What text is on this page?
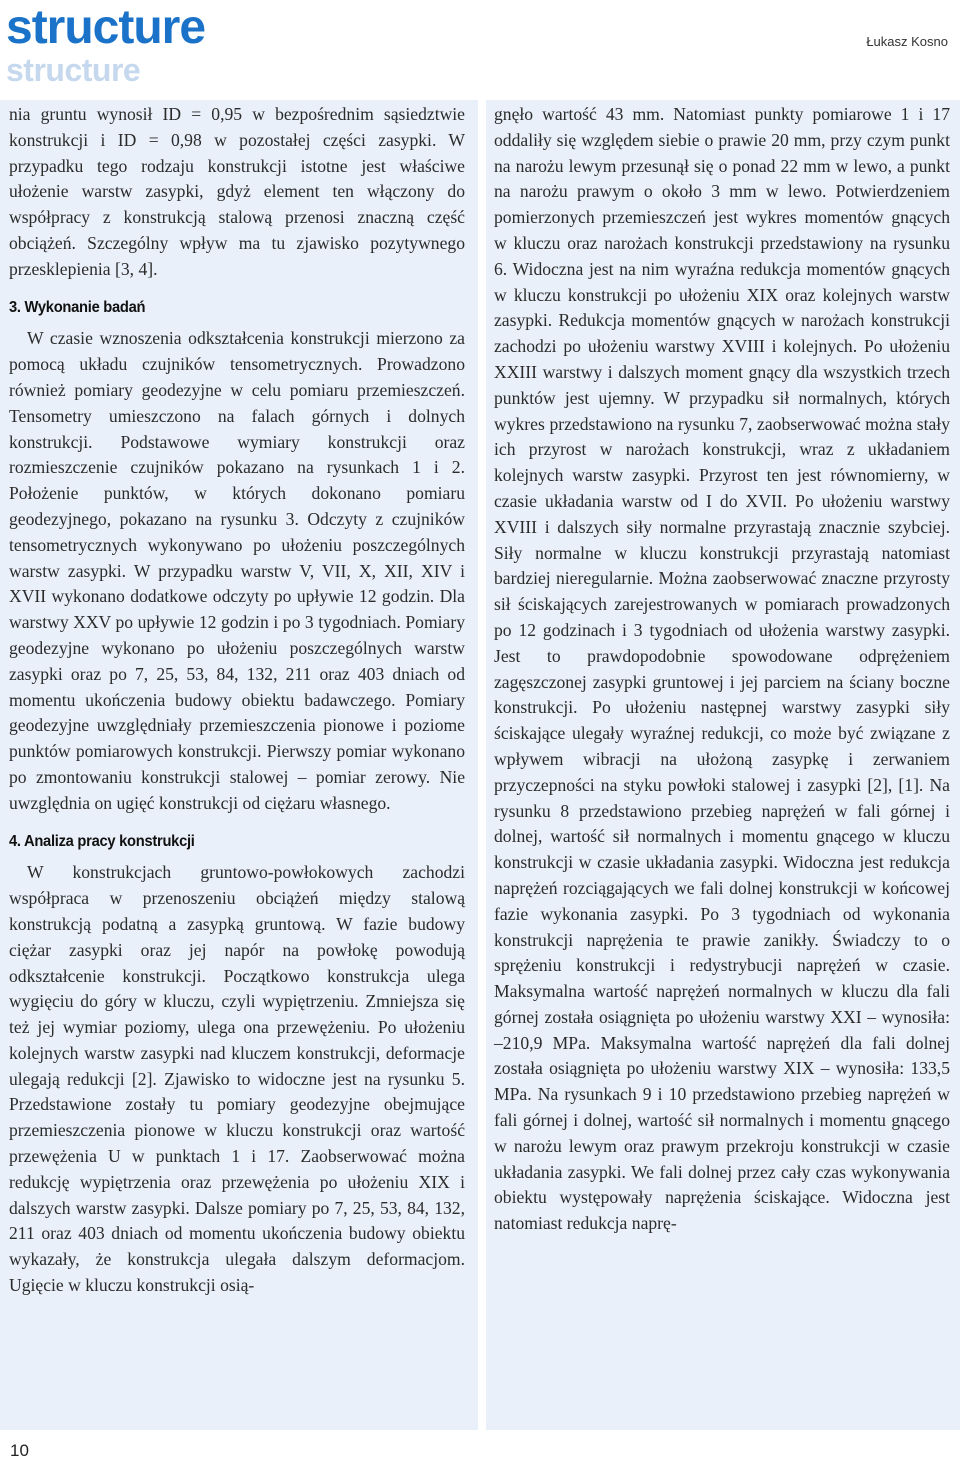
structure
structure
Łukasz Kosno

nia gruntu wynosił ID = 0,95 w bezpośrednim sąsiedztwie konstrukcji i ID = 0,98 w pozostałej części zasypki. W przypadku tego rodzaju konstrukcji istotne jest właściwe ułożenie warstw zasypki, gdyż element ten włączony do współpracy z konstrukcją stalową przenosi znaczną część obciążeń. Szczególny wpływ ma tu zjawisko pozytywnego przesklepienia [3, 4].

3. Wykonanie badań

W czasie wznoszenia odkształcenia konstrukcji mierzono za pomocą układu czujników tensometrycznych. Prowadzono również pomiary geodezyjne w celu pomiaru przemieszczeń. Tensometry umieszczono na falach górnych i dolnych konstrukcji. Podstawowe wymiary konstrukcji oraz rozmieszczenie czujników pokazano na rysunkach 1 i 2. Położenie punktów, w których dokonano pomiaru geodezyjnego, pokazano na rysunku 3. Odczyty z czujników tensometrycznych wykonywano po ułożeniu poszczególnych warstw zasypki. W przypadku warstw V, VII, X, XII, XIV i XVII wykonano dodatkowe odczyty po upływie 12 godzin. Dla warstwy XXV po upływie 12 godzin i po 3 tygodniach. Pomiary geodezyjne wykonano po ułożeniu poszczególnych warstw zasypki oraz po 7, 25, 53, 84, 132, 211 oraz 403 dniach od momentu ukończenia budowy obiektu badawczego. Pomiary geodezyjne uwzględniały przemieszczenia pionowe i poziome punktów pomiarowych konstrukcji. Pierwszy pomiar wykonano po zmontowaniu konstrukcji stalowej – pomiar zerowy. Nie uwzględnia on ugięć konstrukcji od ciężaru własnego.

4. Analiza pracy konstrukcji

W konstrukcjach gruntowo-powłokowych zachodzi współpraca w przenoszeniu obciążeń między stalową konstrukcją podatną a zasypką gruntową. W fazie budowy ciężar zasypki oraz jej napór na powłokę powodują odkształcenie konstrukcji. Początkowo konstrukcja ulega wygięciu do góry w kluczu, czyli wypiętrzeniu. Zmniejsza się też jej wymiar poziomy, ulega ona przewężeniu. Po ułożeniu kolejnych warstw zasypki nad kluczem konstrukcji, deformacje ulegają redukcji [2]. Zjawisko to widoczne jest na rysunku 5. Przedstawione zostały tu pomiary geodezyjne obejmujące przemieszczenia pionowe w kluczu konstrukcji oraz wartość przewężenia U w punktach 1 i 17. Zaobserwować można redukcję wypiętrzenia oraz przewężenia po ułożeniu XIX i dalszych warstw zasypki. Dalsze pomiary po 7, 25, 53, 84, 132, 211 oraz 403 dniach od momentu ukończenia budowy obiektu wykazały, że konstrukcja ulegała dalszym deformacjom. Ugięcie w kluczu konstrukcji osią-

gnęło wartość 43 mm. Natomiast punkty pomiarowe 1 i 17 oddaliły się względem siebie o prawie 20 mm, przy czym punkt na narożu lewym przesunął się o ponad 22 mm w lewo, a punkt na narożu prawym o około 3 mm w lewo. Potwierdzeniem pomierzonych przemieszczeń jest wykres momentów gnących w kluczu oraz narożach konstrukcji przedstawiony na rysunku 6. Widoczna jest na nim wyraźna redukcja momentów gnących w kluczu konstrukcji po ułożeniu XIX oraz kolejnych warstw zasypki. Redukcja momentów gnących w narożach konstrukcji zachodzi po ułożeniu warstwy XVIII i kolejnych. Po ułożeniu XXIII warstwy i dalszych moment gnący dla wszystkich trzech punktów jest ujemny. W przypadku sił normalnych, których wykres przedstawiono na rysunku 7, zaobserwować można stały ich przyrost w narożach konstrukcji, wraz z układaniem kolejnych warstw zasypki. Przyrost ten jest równomierny, w czasie układania warstw od I do XVII. Po ułożeniu warstwy XVIII i dalszych siły normalne przyrastają znacznie szybciej. Siły normalne w kluczu konstrukcji przyrastają natomiast bardziej nieregularnie. Można zaobserwować znaczne przyrosty sił ściskających zarejestrowanych w pomiarach prowadzonych po 12 godzinach i 3 tygodniach od ułożenia warstwy zasypki. Jest to prawdopodobnie spowodowane odprężeniem zagęszczonej zasypki gruntowej i jej parciem na ściany boczne konstrukcji. Po ułożeniu następnej warstwy zasypki siły ściskające ulegały wyraźnej redukcji, co może być związane z wpływem wibracji na ułożoną zasypkę i zerwaniem przyczepności na styku powłoki stalowej i zasypki [2], [1]. Na rysunku 8 przedstawiono przebieg naprężeń w fali górnej i dolnej, wartość sił normalnych i momentu gnącego w kluczu konstrukcji w czasie układania zasypki. Widoczna jest redukcja naprężeń rozciągających we fali dolnej konstrukcji w końcowej fazie wykonania zasypki. Po 3 tygodniach od wykonania konstrukcji naprężenia te prawie zanikły. Świadczy to o sprężeniu konstrukcji i redystrybucji naprężeń w czasie. Maksymalna wartość naprężeń normalnych w kluczu dla fali górnej została osiągnięta po ułożeniu warstwy XXI – wynosiła: –210,9 MPa. Maksymalna wartość naprężeń dla fali dolnej została osiągnięta po ułożeniu warstwy XIX – wynosiła: 133,5 MPa. Na rysunkach 9 i 10 przedstawiono przebieg naprężeń w fali górnej i dolnej, wartość sił normalnych i momentu gnącego w narożu lewym oraz prawym przekroju konstrukcji w czasie układania zasypki. We fali dolnej przez cały czas wykonywania obiektu występowały naprężenia ściskające. Widoczna jest natomiast redukcja naprę-

10
